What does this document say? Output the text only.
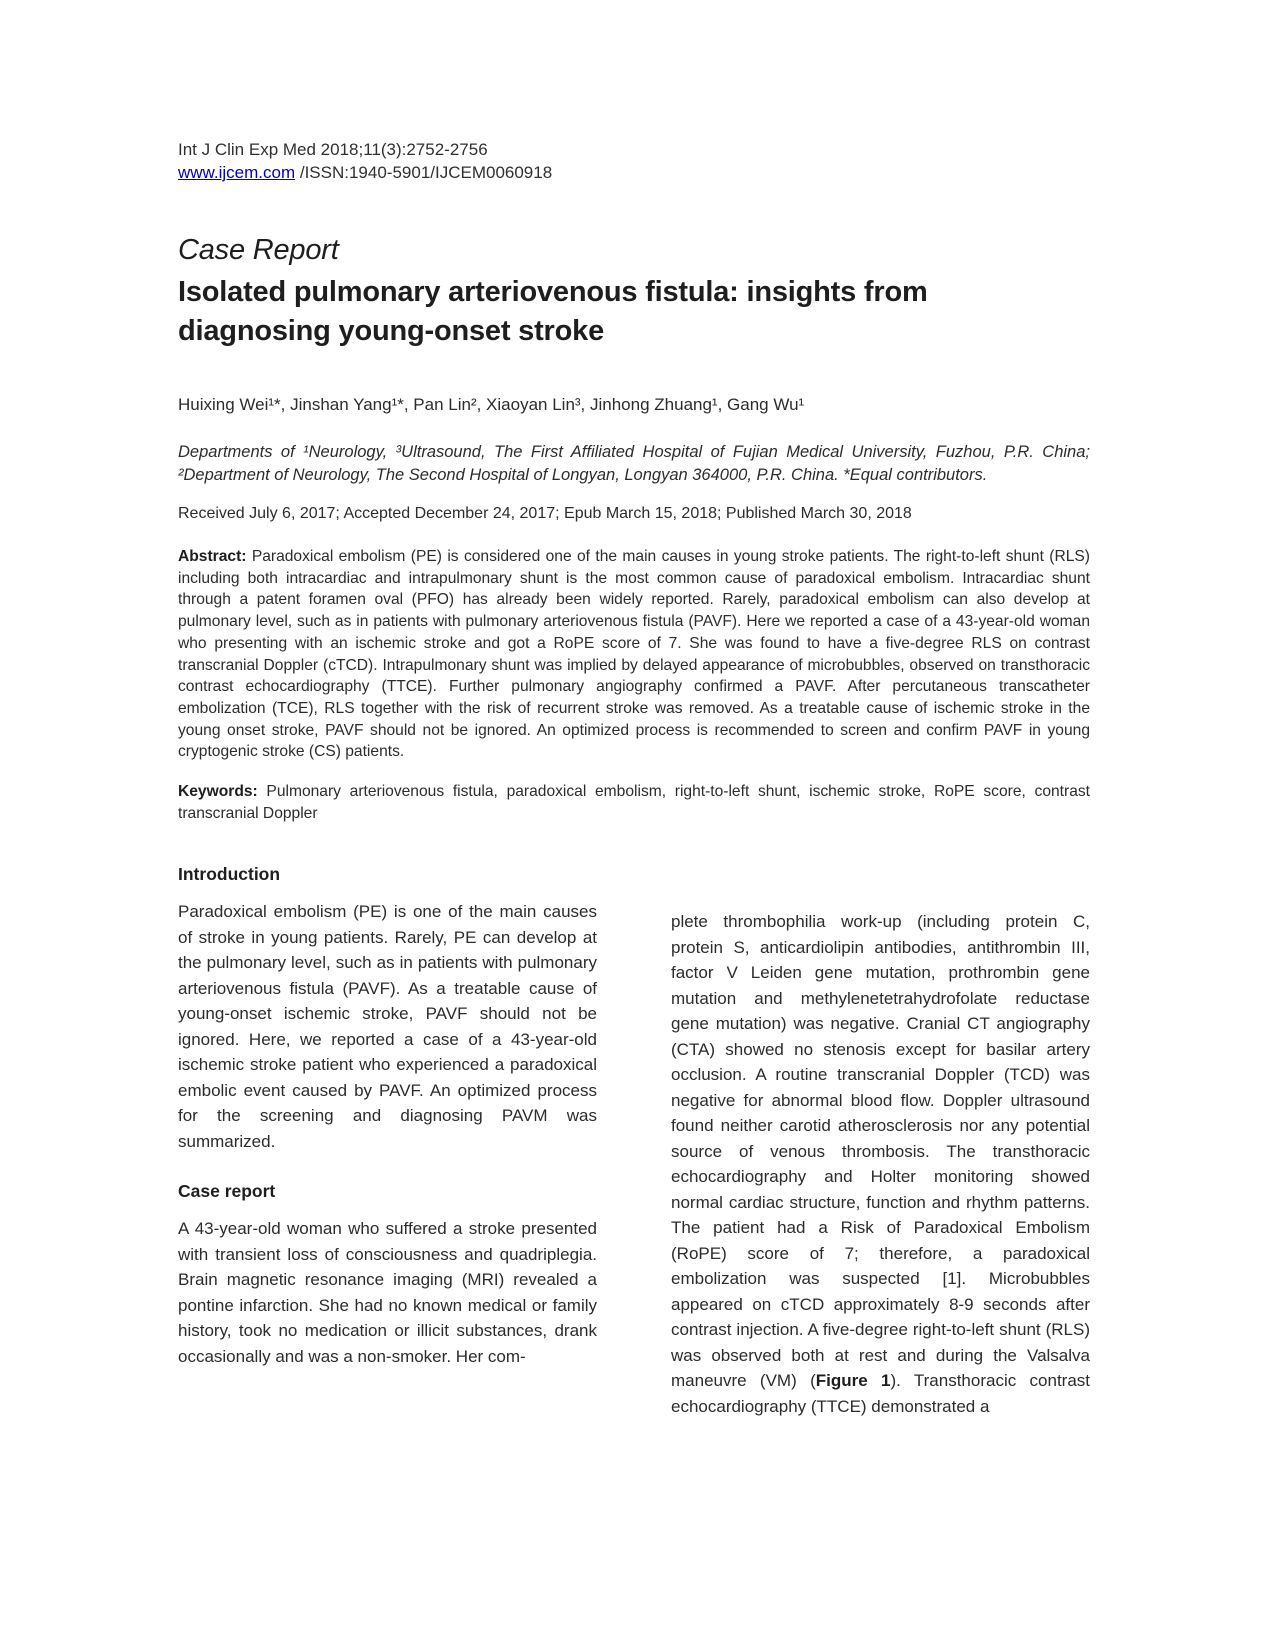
Int J Clin Exp Med 2018;11(3):2752-2756
www.ijcem.com /ISSN:1940-5901/IJCEM0060918
Case Report
Isolated pulmonary arteriovenous fistula: insights from diagnosing young-onset stroke
Huixing Wei¹*, Jinshan Yang¹*, Pan Lin², Xiaoyan Lin³, Jinhong Zhuang¹, Gang Wu¹
Departments of ¹Neurology, ³Ultrasound, The First Affiliated Hospital of Fujian Medical University, Fuzhou, P.R. China; ²Department of Neurology, The Second Hospital of Longyan, Longyan 364000, P.R. China. *Equal contributors.
Received July 6, 2017; Accepted December 24, 2017; Epub March 15, 2018; Published March 30, 2018

Abstract: Paradoxical embolism (PE) is considered one of the main causes in young stroke patients. The right-to-left shunt (RLS) including both intracardiac and intrapulmonary shunt is the most common cause of paradoxical embolism. Intracardiac shunt through a patent foramen oval (PFO) has already been widely reported. Rarely, paradoxical embolism can also develop at pulmonary level, such as in patients with pulmonary arteriovenous fistula (PAVF). Here we reported a case of a 43-year-old woman who presenting with an ischemic stroke and got a RoPE score of 7. She was found to have a five-degree RLS on contrast transcranial Doppler (cTCD). Intrapulmonary shunt was implied by delayed appearance of microbubbles, observed on transthoracic contrast echocardiography (TTCE). Further pulmonary angiography confirmed a PAVF. After percutaneous transcatheter embolization (TCE), RLS together with the risk of recurrent stroke was removed. As a treatable cause of ischemic stroke in the young onset stroke, PAVF should not be ignored. An optimized process is recommended to screen and confirm PAVF in young cryptogenic stroke (CS) patients.

Keywords: Pulmonary arteriovenous fistula, paradoxical embolism, right-to-left shunt, ischemic stroke, RoPE score, contrast transcranial Doppler

Introduction

Paradoxical embolism (PE) is one of the main causes of stroke in young patients. Rarely, PE can develop at the pulmonary level, such as in patients with pulmonary arteriovenous fistula (PAVF). As a treatable cause of young-onset ischemic stroke, PAVF should not be ignored. Here, we reported a case of a 43-year-old ischemic stroke patient who experienced a paradoxical embolic event caused by PAVF. An optimized process for the screening and diagnosing PAVM was summarized.

Case report

A 43-year-old woman who suffered a stroke presented with transient loss of consciousness and quadriplegia. Brain magnetic resonance imaging (MRI) revealed a pontine infarction. She had no known medical or family history, took no medication or illicit substances, drank occasionally and was a non-smoker. Her com-

plete thrombophilia work-up (including protein C, protein S, anticardiolipin antibodies, antithrombin III, factor V Leiden gene mutation, prothrombin gene mutation and methylenetetrahydrofolate reductase gene mutation) was negative. Cranial CT angiography (CTA) showed no stenosis except for basilar artery occlusion. A routine transcranial Doppler (TCD) was negative for abnormal blood flow. Doppler ultrasound found neither carotid atherosclerosis nor any potential source of venous thrombosis. The transthoracic echocardiography and Holter monitoring showed normal cardiac structure, function and rhythm patterns. The patient had a Risk of Paradoxical Embolism (RoPE) score of 7; therefore, a paradoxical embolization was suspected [1]. Microbubbles appeared on cTCD approximately 8-9 seconds after contrast injection. A five-degree right-to-left shunt (RLS) was observed both at rest and during the Valsalva maneuvre (VM) (Figure 1). Transthoracic contrast echocardiography (TTCE) demonstrated a
